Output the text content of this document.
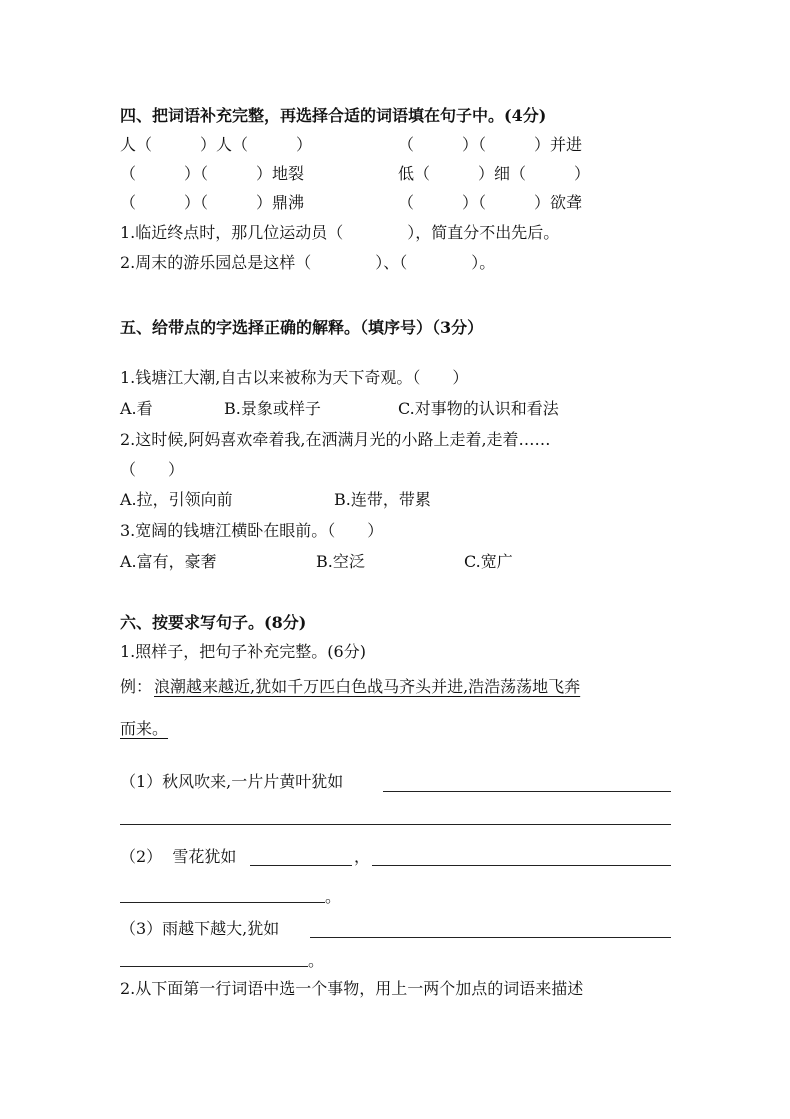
四、把词语补充完整，再选择合适的词语填在句子中。(4分)
人（　　　）人（　　　）	（　　　）（　　　）并进
（　　　）（　　　）地裂	低（　　　）细（　　　）
（　　　）（　　　）鼎沸	（　　　）（　　　）欲聋
1.临近终点时，那几位运动员（　　　　），简直分不出先后。
2.周末的游乐园总是这样（　　　　）、（　　　　）。
五、给带点的字选择正确的解释。（填序号）（3分）
1.钱塘江大潮,自古以来被称为天下奇观。（　　）
A.看	B.景象或样子	C.对事物的认识和看法
2.这时候,阿妈喜欢牵着我,在洒满月光的小路上走着,走着……
（　　）
A.拉，引领向前	B.连带，带累
3.宽阔的钱塘江横卧在眼前。（　　）
A.富有，豪奢	B.空泛	C.宽广
六、按要求写句子。(8分)
1.照样子，把句子补充完整。(6分)
例： 浪潮越来越近,犹如千万匹白色战马齐头并进,浩浩荡荡地飞奔
而来。
（1）秋风吹来,一片片黄叶犹如
（2）  雪花犹如	，
。
（3）雨越下越大,犹如
。
2.从下面第一行词语中选一个事物，用上一两个加点的词语来描述
